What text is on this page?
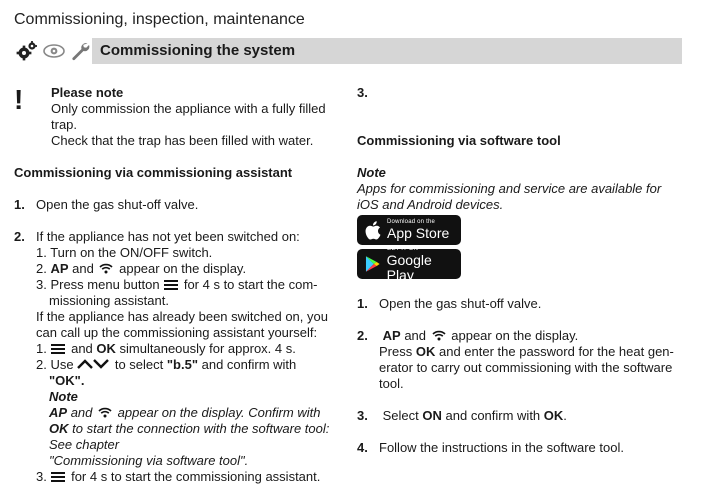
Commissioning, inspection, maintenance
Commissioning the system
! Please note
Only commission the appliance with a fully filled
trap.
Check that the trap has been filled with water.
Commissioning via commissioning assistant
1. Open the gas shut-off valve.
2. If the appliance has not yet been switched on:
1. Turn on the ON/OFF switch.
2. AP and appear on the display.
3. Press menu button for 4 s to start the com-
missioning assistant.
If the appliance has already been switched on, you
can call up the commissioning assistant yourself:
1. and OK simultaneously for approx. 4 s.
2. Use	to select "b.5" and confirm with
"OK".
Note
AP and appear on the display. Confirm with
OK to start the connection with the software tool:
See chapter
"Commissioning via software tool".
3. for 4 s to start the commissioning assistant.
3.
Commissioning via software tool
Note
Apps for commissioning and service are available for
iOS and Android devices.
Download on the
App Store
GET IT ON
Google Play
1. Open the gas shut-off valve.
2. AP and appear on the display.
Press OK and enter the password for the heat gen-
erator to carry out commissioning with the software
tool.
3. Select ON and confirm with OK.
4. Follow the instructions in the software tool.
